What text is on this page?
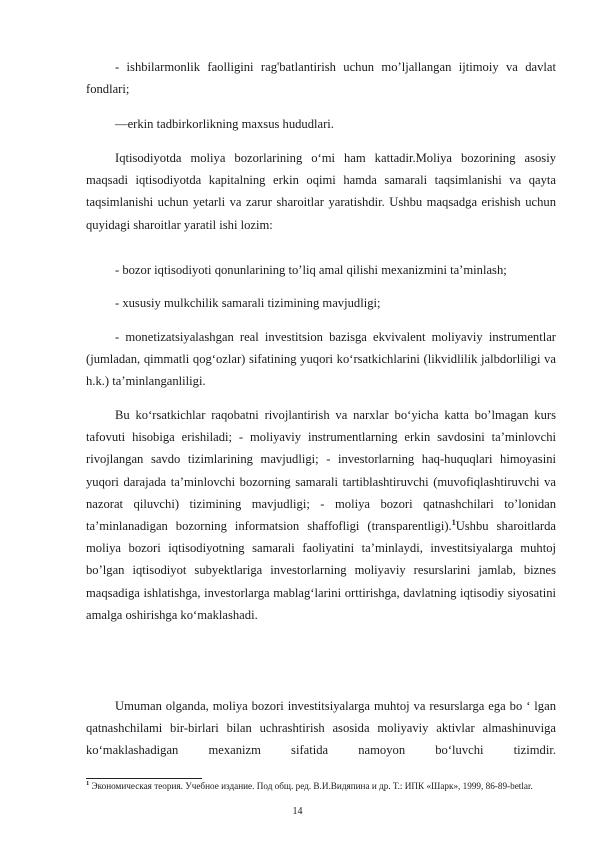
- ishbilarmonlik faolligini rag'batlantirish uchun mo’ljallangan ijtimoiy va davlat fondlari;

—erkin tadbirkorlikning maxsus hududlari.

Iqtisodiyotda moliya bozorlarining o‘mi ham kattadir.Moliya bozorining asosiy maqsadi iqtisodiyotda kapitalning erkin oqimi hamda samarali taqsimlanishi va qayta taqsimlanishi uchun yetarli va zarur sharoitlar yaratishdir. Ushbu maqsadga erishish uchun quyidagi sharoitlar yaratil ishi lozim:

- bozor iqtisodiyoti qonunlarining to’liq amal qilishi mexanizmini ta’minlash;

- xususiy mulkchilik samarali tizimining mavjudligi;

- monetizatsiyalashgan real investitsion bazisga ekvivalent moliyaviy instrumentlar (jumladan, qimmatli qog‘ozlar) sifatining yuqori ko‘rsatkichlarini (likvidlilik jalbdorliligi va h.k.) ta’minlanganliligi.

Bu ko‘rsatkichlar raqobatni rivojlantirish va narxlar bo‘yicha katta bo’lmagan kurs tafovuti hisobiga erishiladi; - moliyaviy instrumentlarning erkin savdosini ta’minlovchi rivojlangan savdo tizimlarining mavjudligi; - investorlarning haq-huquqlari himoyasini yuqori darajada ta’minlovchi bozorning samarali tartiblashtiruvchi (muvofiqlashtiruvchi va nazorat qiluvchi) tizimining mavjudligi; - moliya bozori qatnashchilari to’lonidan ta’minlanadigan bozorning informatsion shaffofligi (transparentligi).$^1$Ushbu sharoitlarda moliya bozori iqtisodiyotning samarali faoliyatini ta’minlaydi, investitsiyalarga muhtoj bo’lgan iqtisodiyot subyektlariga investorlarning moliyaviy resurslarini jamlab, biznes maqsadiga ishlatishga, investorlarga mablag‘larini orttirishga, davlatning iqtisodiy siyosatini amalga oshirishga ko‘maklashadi.

Umuman olganda, moliya bozori investitsiyalarga muhtoj va resurslarga ega bo ‘ lgan qatnashchilami bir-birlari bilan uchrashtirish asosida moliyaviy aktivlar almashinuviga ko‘maklashadigan mexanizm sifatida namoyon bo‘luvchi tizimdir.

$^1$ Экономическая теория. Учебное издание. Под общ. ред. В.И.Видяпина и др. Т.: ИПК «Шарк», 1999, 86-89-betlar.

14
